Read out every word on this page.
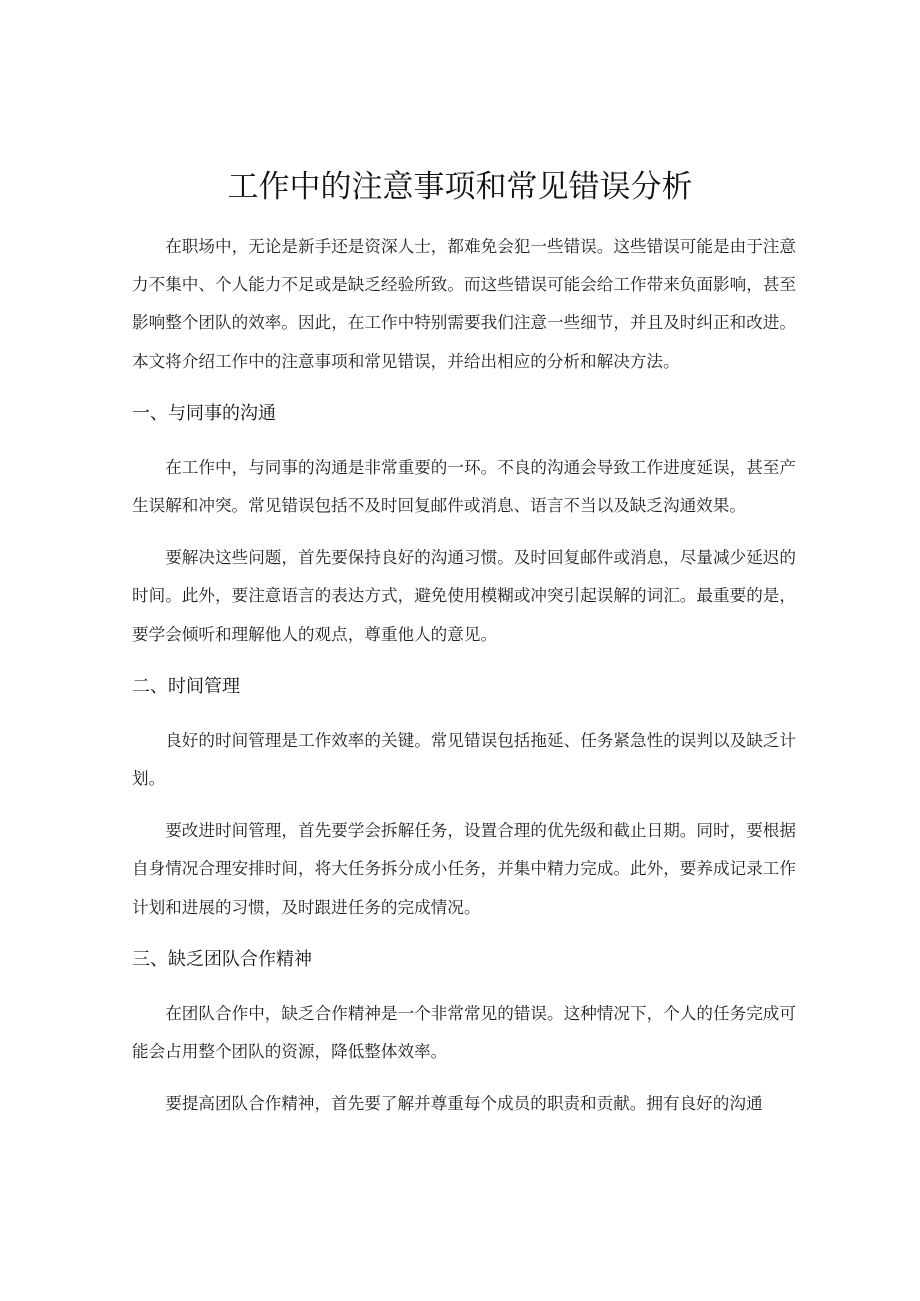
工作中的注意事项和常见错误分析

在职场中，无论是新手还是资深人士，都难免会犯一些错误。这些错误可能是由于注意力不集中、个人能力不足或是缺乏经验所致。而这些错误可能会给工作带来负面影响，甚至影响整个团队的效率。因此，在工作中特别需要我们注意一些细节，并且及时纠正和改进。本文将介绍工作中的注意事项和常见错误，并给出相应的分析和解决方法。

一、与同事的沟通

在工作中，与同事的沟通是非常重要的一环。不良的沟通会导致工作进度延误，甚至产生误解和冲突。常见错误包括不及时回复邮件或消息、语言不当以及缺乏沟通效果。

要解决这些问题，首先要保持良好的沟通习惯。及时回复邮件或消息，尽量减少延迟的时间。此外，要注意语言的表达方式，避免使用模糊或冲突引起误解的词汇。最重要的是，要学会倾听和理解他人的观点，尊重他人的意见。

二、时间管理

良好的时间管理是工作效率的关键。常见错误包括拖延、任务紧急性的误判以及缺乏计划。

要改进时间管理，首先要学会拆解任务，设置合理的优先级和截止日期。同时，要根据自身情况合理安排时间，将大任务拆分成小任务，并集中精力完成。此外，要养成记录工作计划和进展的习惯，及时跟进任务的完成情况。

三、缺乏团队合作精神

在团队合作中，缺乏合作精神是一个非常常见的错误。这种情况下，个人的任务完成可能会占用整个团队的资源，降低整体效率。

要提高团队合作精神，首先要了解并尊重每个成员的职责和贡献。拥有良好的沟通
